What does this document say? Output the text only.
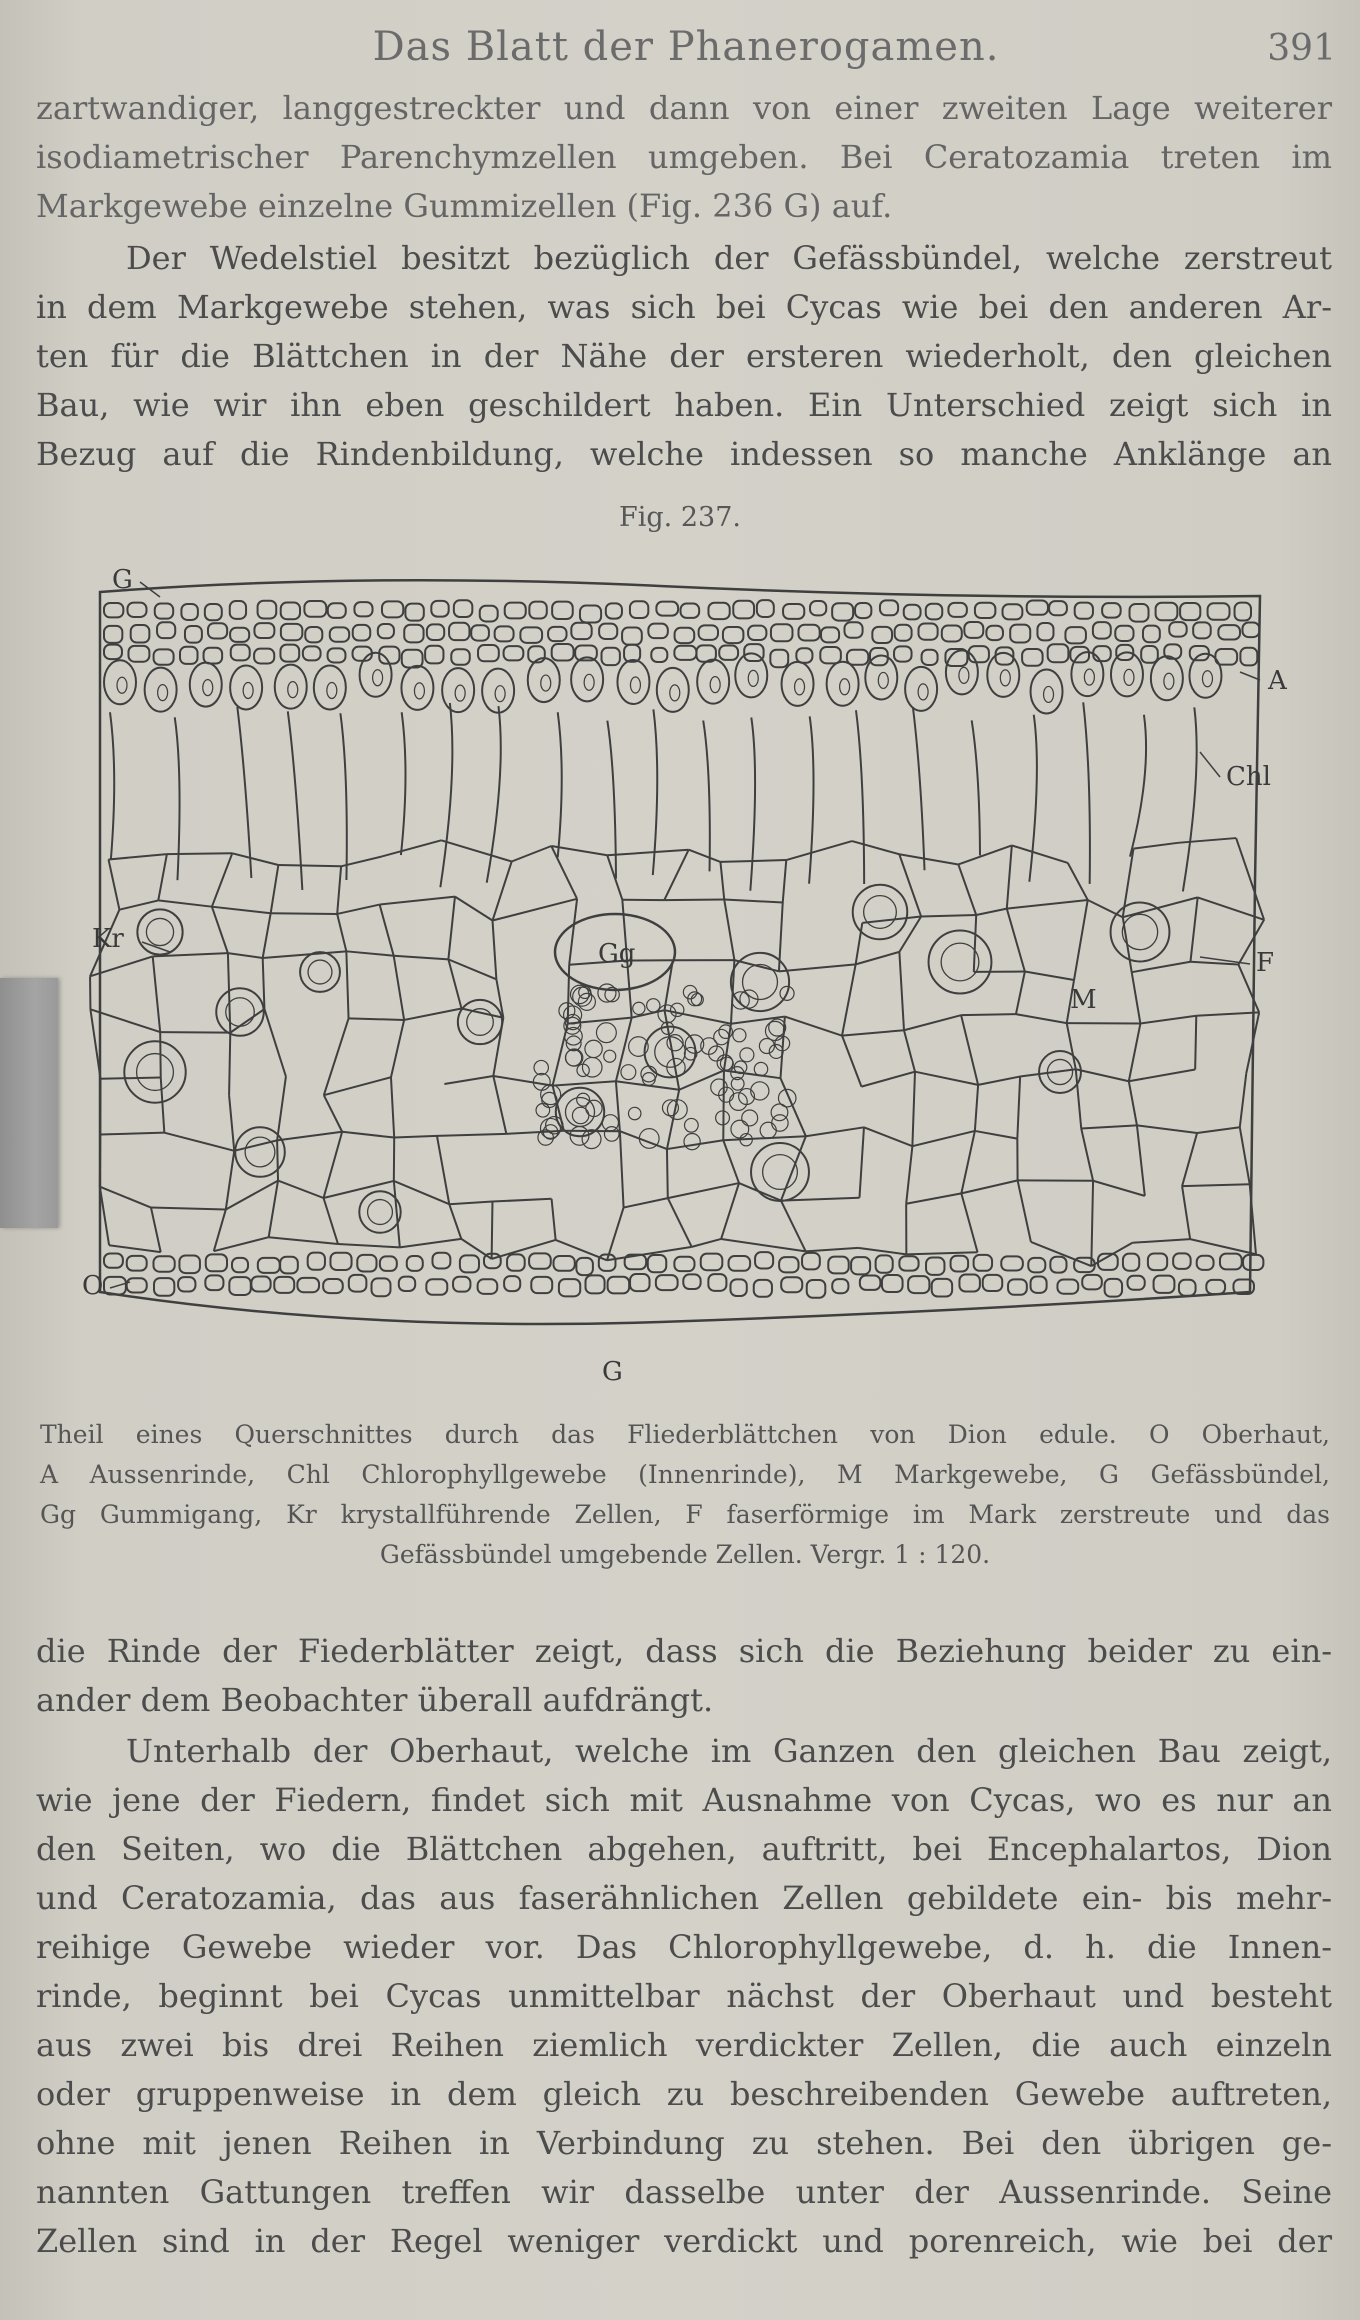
Das Blatt der Phanerogamen.	391

zartwandiger, langgestreckter und dann von einer zweiten Lage weiterer
isodiametrischer Parenchymzellen umgeben. Bei Ceratozamia treten im
Markgewebe einzelne Gummizellen (Fig. 236 G) auf.

Der Wedelstiel besitzt bezüglich der Gefässbündel, welche zerstreut
in dem Markgewebe stehen, was sich bei Cycas wie bei den anderen Ar-
ten für die Blättchen in der Nähe der ersteren wiederholt, den gleichen
Bau, wie wir ihn eben geschildert haben. Ein Unterschied zeigt sich in
Bezug auf die Rindenbildung, welche indessen so manche Anklänge an

Fig. 237.
G
O
G
A
Chl
Kr	Gg
M
F

Theil eines Querschnittes durch das Fliederblättchen von Dion edule. O Oberhaut,
A Aussenrinde, Chl Chlorophyllgewebe (Innenrinde), M Markgewebe, G Gefässbündel,
Gg Gummigang, Kr krystallführende Zellen, F faserförmige im Mark zerstreute und das
Gefässbündel umgebende Zellen. Vergr. 1 : 120.

die Rinde der Fiederblätter zeigt, dass sich die Beziehung beider zu ein-
ander dem Beobachter überall aufdrängt.

Unterhalb der Oberhaut, welche im Ganzen den gleichen Bau zeigt,
wie jene der Fiedern, findet sich mit Ausnahme von Cycas, wo es nur an
den Seiten, wo die Blättchen abgehen, auftritt, bei Encephalartos, Dion
und Ceratozamia, das aus faserähnlichen Zellen gebildete ein- bis mehr-
reihige Gewebe wieder vor. Das Chlorophyllgewebe, d. h. die Innen-
rinde, beginnt bei Cycas unmittelbar nächst der Oberhaut und besteht
aus zwei bis drei Reihen ziemlich verdickter Zellen, die auch einzeln
oder gruppenweise in dem gleich zu beschreibenden Gewebe auftreten,
ohne mit jenen Reihen in Verbindung zu stehen. Bei den übrigen ge-
nannten Gattungen treffen wir dasselbe unter der Aussenrinde. Seine
Zellen sind in der Regel weniger verdickt und porenreich, wie bei der
